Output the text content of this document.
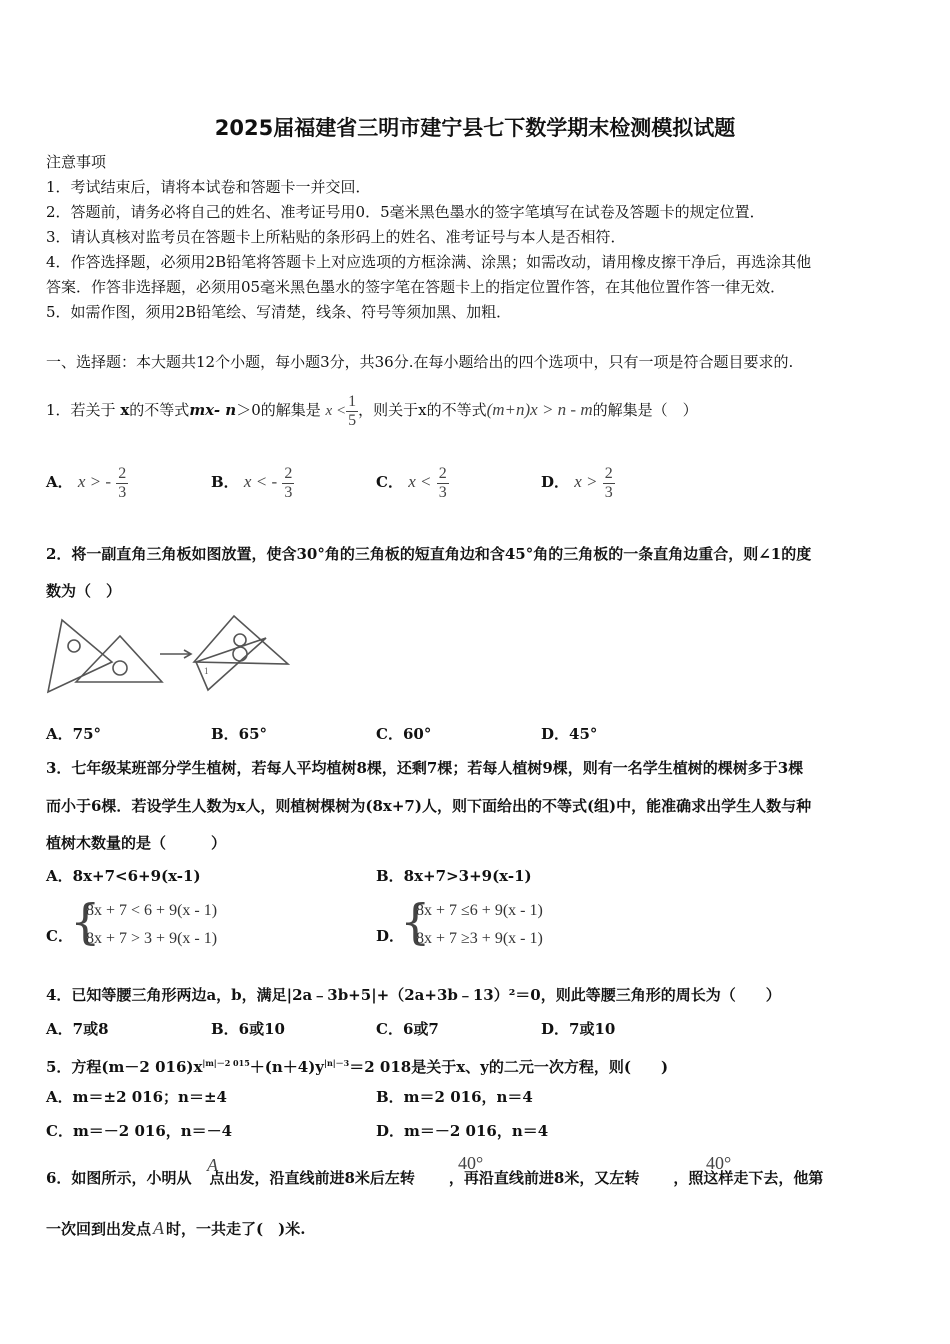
2025届福建省三明市建宁县七下数学期末检测模拟试题
注意事项
1．考试结束后，请将本试卷和答题卡一并交回．
2．答题前，请务必将自己的姓名、准考证号用0．5毫米黑色墨水的签字笔填写在试卷及答题卡的规定位置．
3．请认真核对监考员在答题卡上所粘贴的条形码上的姓名、准考证号与本人是否相符．
4．作答选择题，必须用2B铅笔将答题卡上对应选项的方框涂满、涂黑；如需改动，请用橡皮擦干净后，再选涂其他
答案．作答非选择题，必须用05毫米黑色墨水的签字笔在答题卡上的指定位置作答，在其他位置作答一律无效．
5．如需作图，须用2B铅笔绘、写清楚，线条、符号等须加黑、加粗．
一、选择题：本大题共12个小题，每小题3分，共36分.在每小题给出的四个选项中，只有一项是符合题目要求的.
1．若关于 x的不等式mx- n＞0的解集是 $x < \frac{1}{5}$ ，则关于x的不等式(m+n)x > n - m的解集是（　）
A． x > - $\frac{2}{3}$	B． x < - $\frac{2}{3}$	C． $x < \frac{2}{3}$	D． $x > \frac{2}{3}$
2．将一副直角三角板如图放置，使含30°角的三角板的短直角边和含45°角的三角板的一条直角边重合，则∠1的度
数为（　）
1
A．75°	B．65°	C．60°	D．45°
3．七年级某班部分学生植树，若每人平均植树8棵，还剩7棵；若每人植树9棵，则有一名学生植树的棵树多于3棵
而小于6棵．若设学生人数为x人，则植树棵树为(8x+7)人，则下面给出的不等式(组)中，能准确求出学生人数与种
植树木数量的是（　　　）
A．8x+7<6+9(x-1)	B．8x+7>3+9(x-1)
C．
{
8x + 7 < 6 + 9(x - 1)
8x + 7 > 3 + 9(x - 1)	D．
{
8x + 7 ≤6 + 9(x - 1)
8x + 7 ≥3 + 9(x - 1)
4．已知等腰三角形两边a，b，满足|2a﹣3b+5|+（2a+3b﹣13）²＝0，则此等腰三角形的周长为（　　）
A．7或8	B．6或10	C．6或7	D．7或10
5．方程(m－2 $016)x^{|m|-2 015}+(n+4)y^{|n|-3}=2$ 018是关于x、y的二元一次方程，则(　　)
A．m＝±2 016；n＝±4	B．m＝2 016，n＝4
C．m＝－2 016，n＝－4	D．m＝－2 016，n＝4
6．如图所示，小明从 点出发，沿直线前进8米后左转 ，再沿直线前进8米，又左转 ，照这样走下去，他第
A	40°	40°
一次回到出发点 A 时，一共走了(　)米.
